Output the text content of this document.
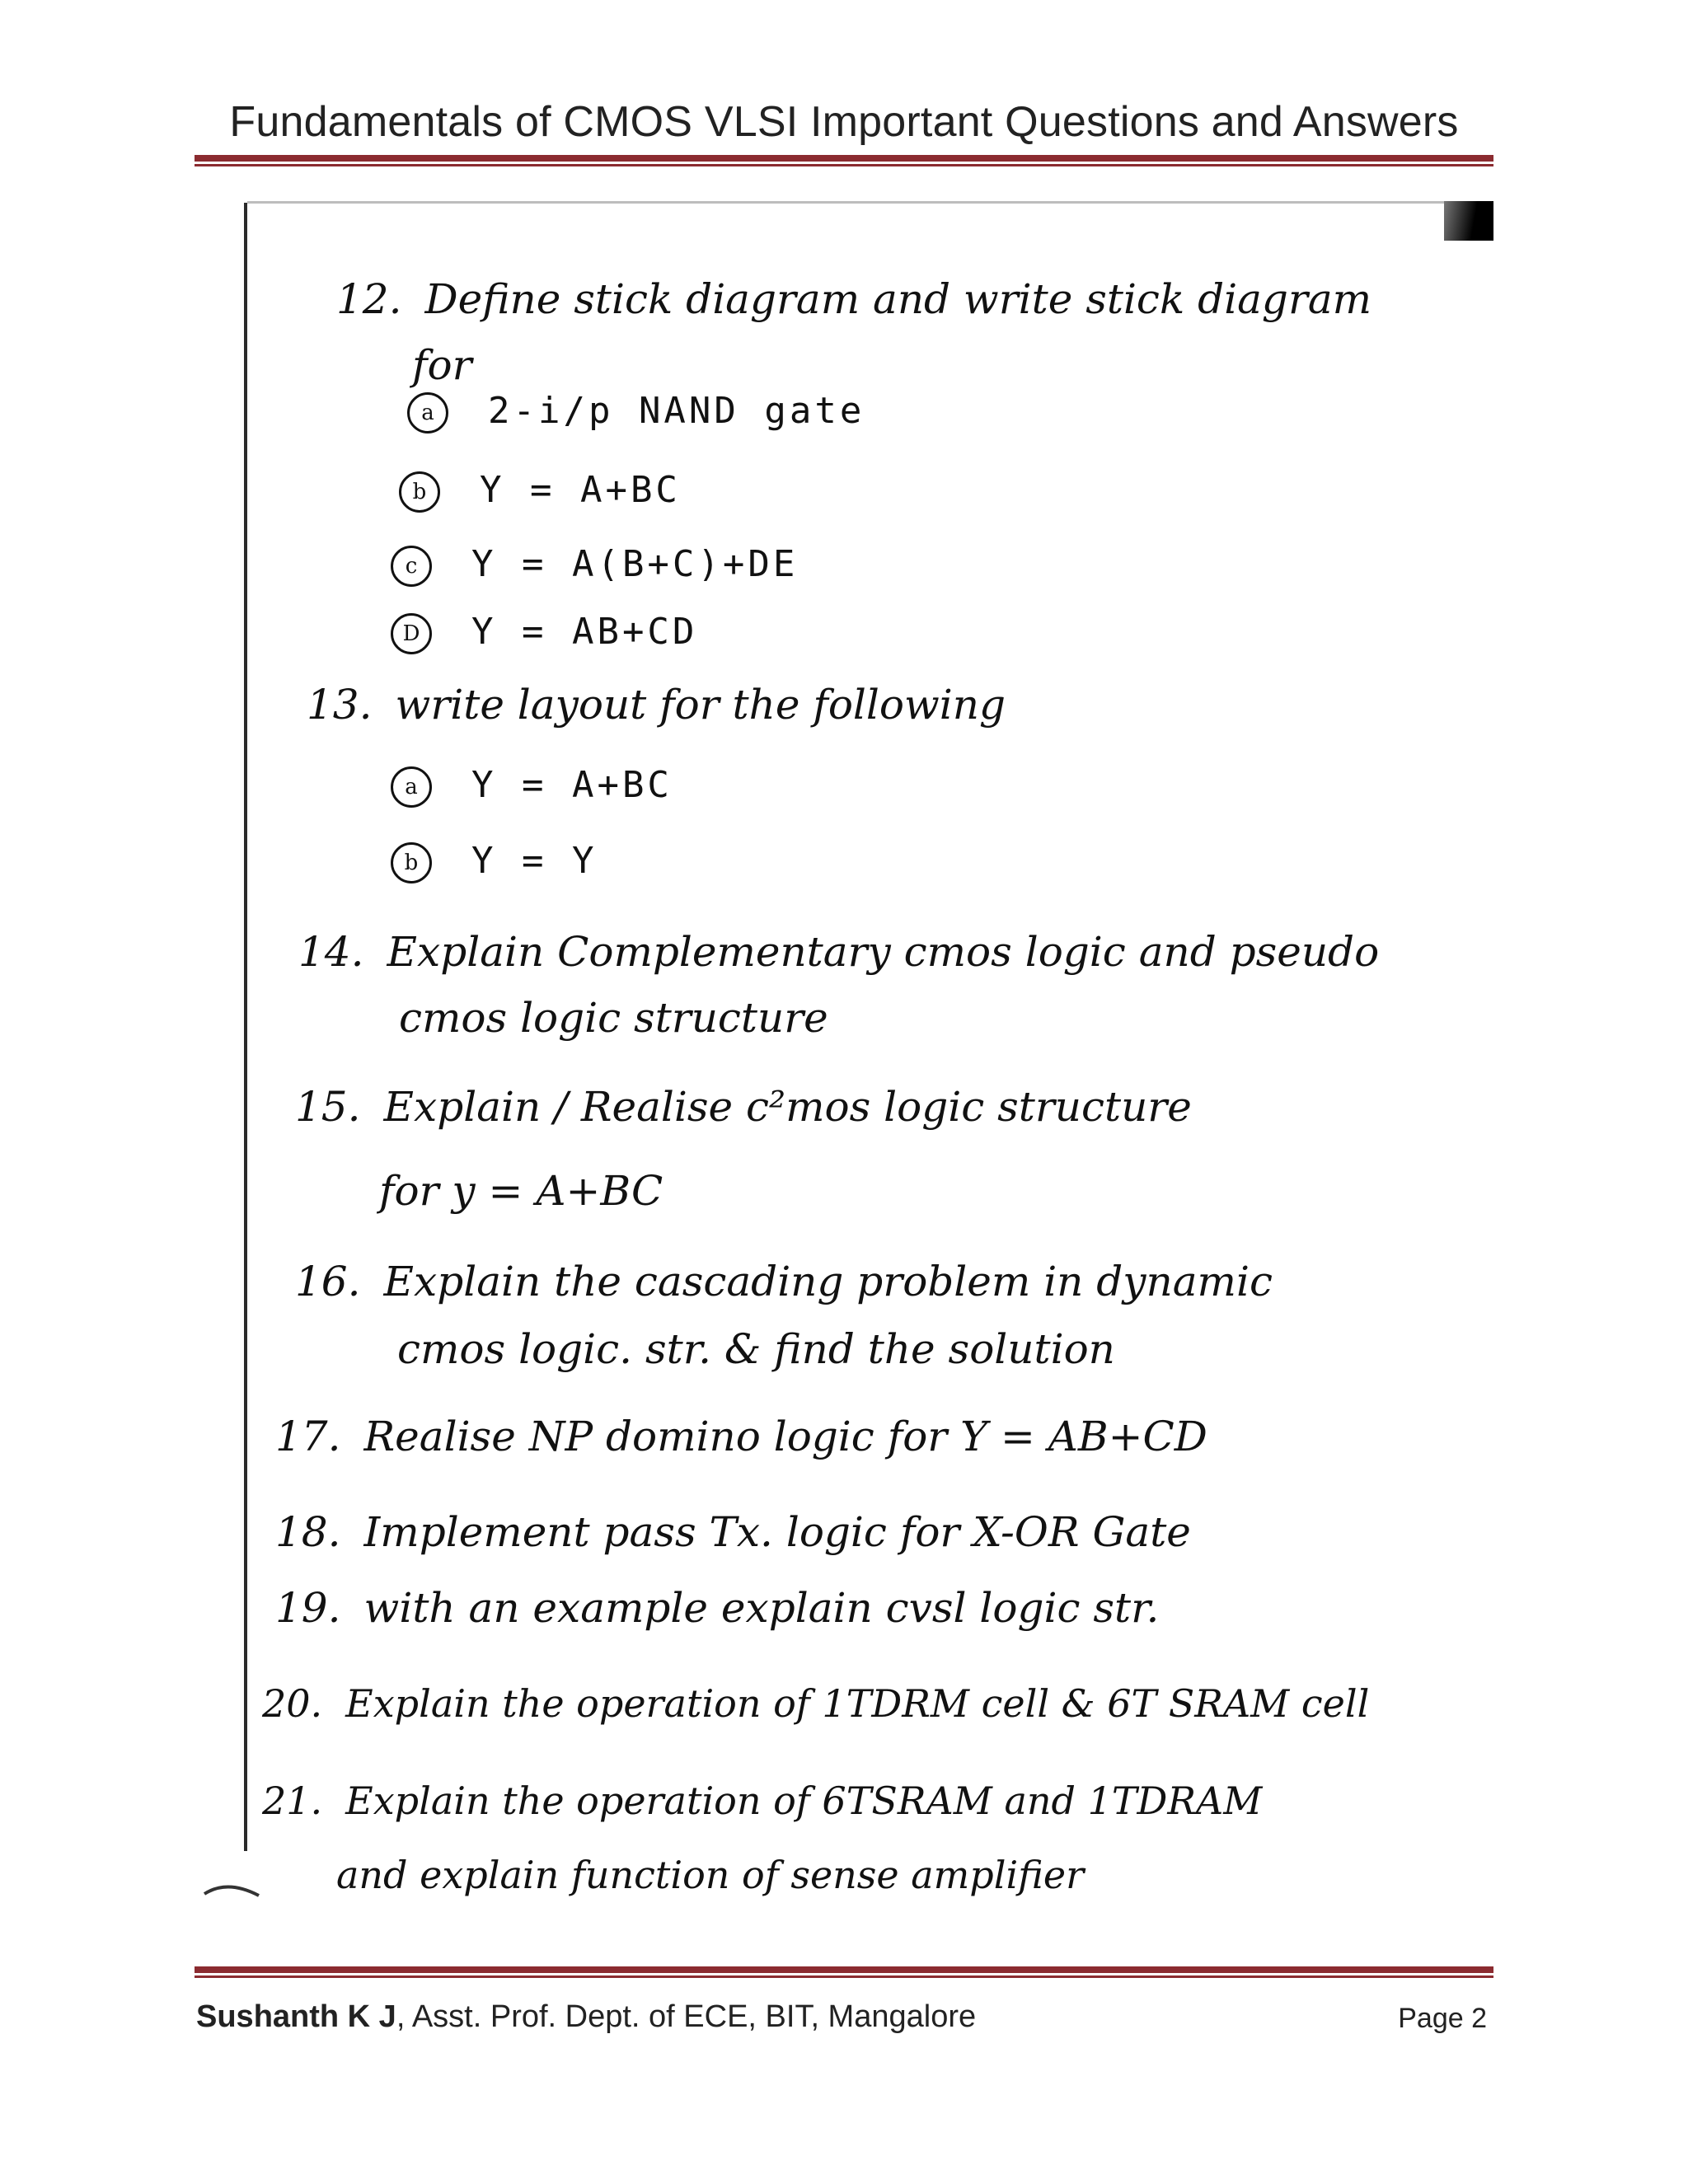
Fundamentals of CMOS VLSI Important Questions and Answers
12. Define stick diagram and write stick diagram
for
a 2-i/p NAND gate
b Y = A+BC
c Y = A(B+C)+DE
D Y = AB+CD
13. write layout for the following
a Y = A+BC
b Y = Y
14. Explain Complementary cmos logic and pseudo
cmos logic structure
15. Explain / Realise c²mos logic structure
for y = A+BC
16. Explain the cascading problem in dynamic
cmos logic. str. & find the solution
17. Realise NP domino logic for Y = AB+CD
18. Implement pass Tx. logic for X-OR Gate
19. with an example explain cvsl logic str.
20. Explain the operation of 1TDRM cell & 6T SRAM cell
21. Explain the operation of 6TSRAM and 1TDRAM
and explain function of sense amplifier
Sushanth K J, Asst. Prof. Dept. of ECE, BIT, Mangalore	Page 2
